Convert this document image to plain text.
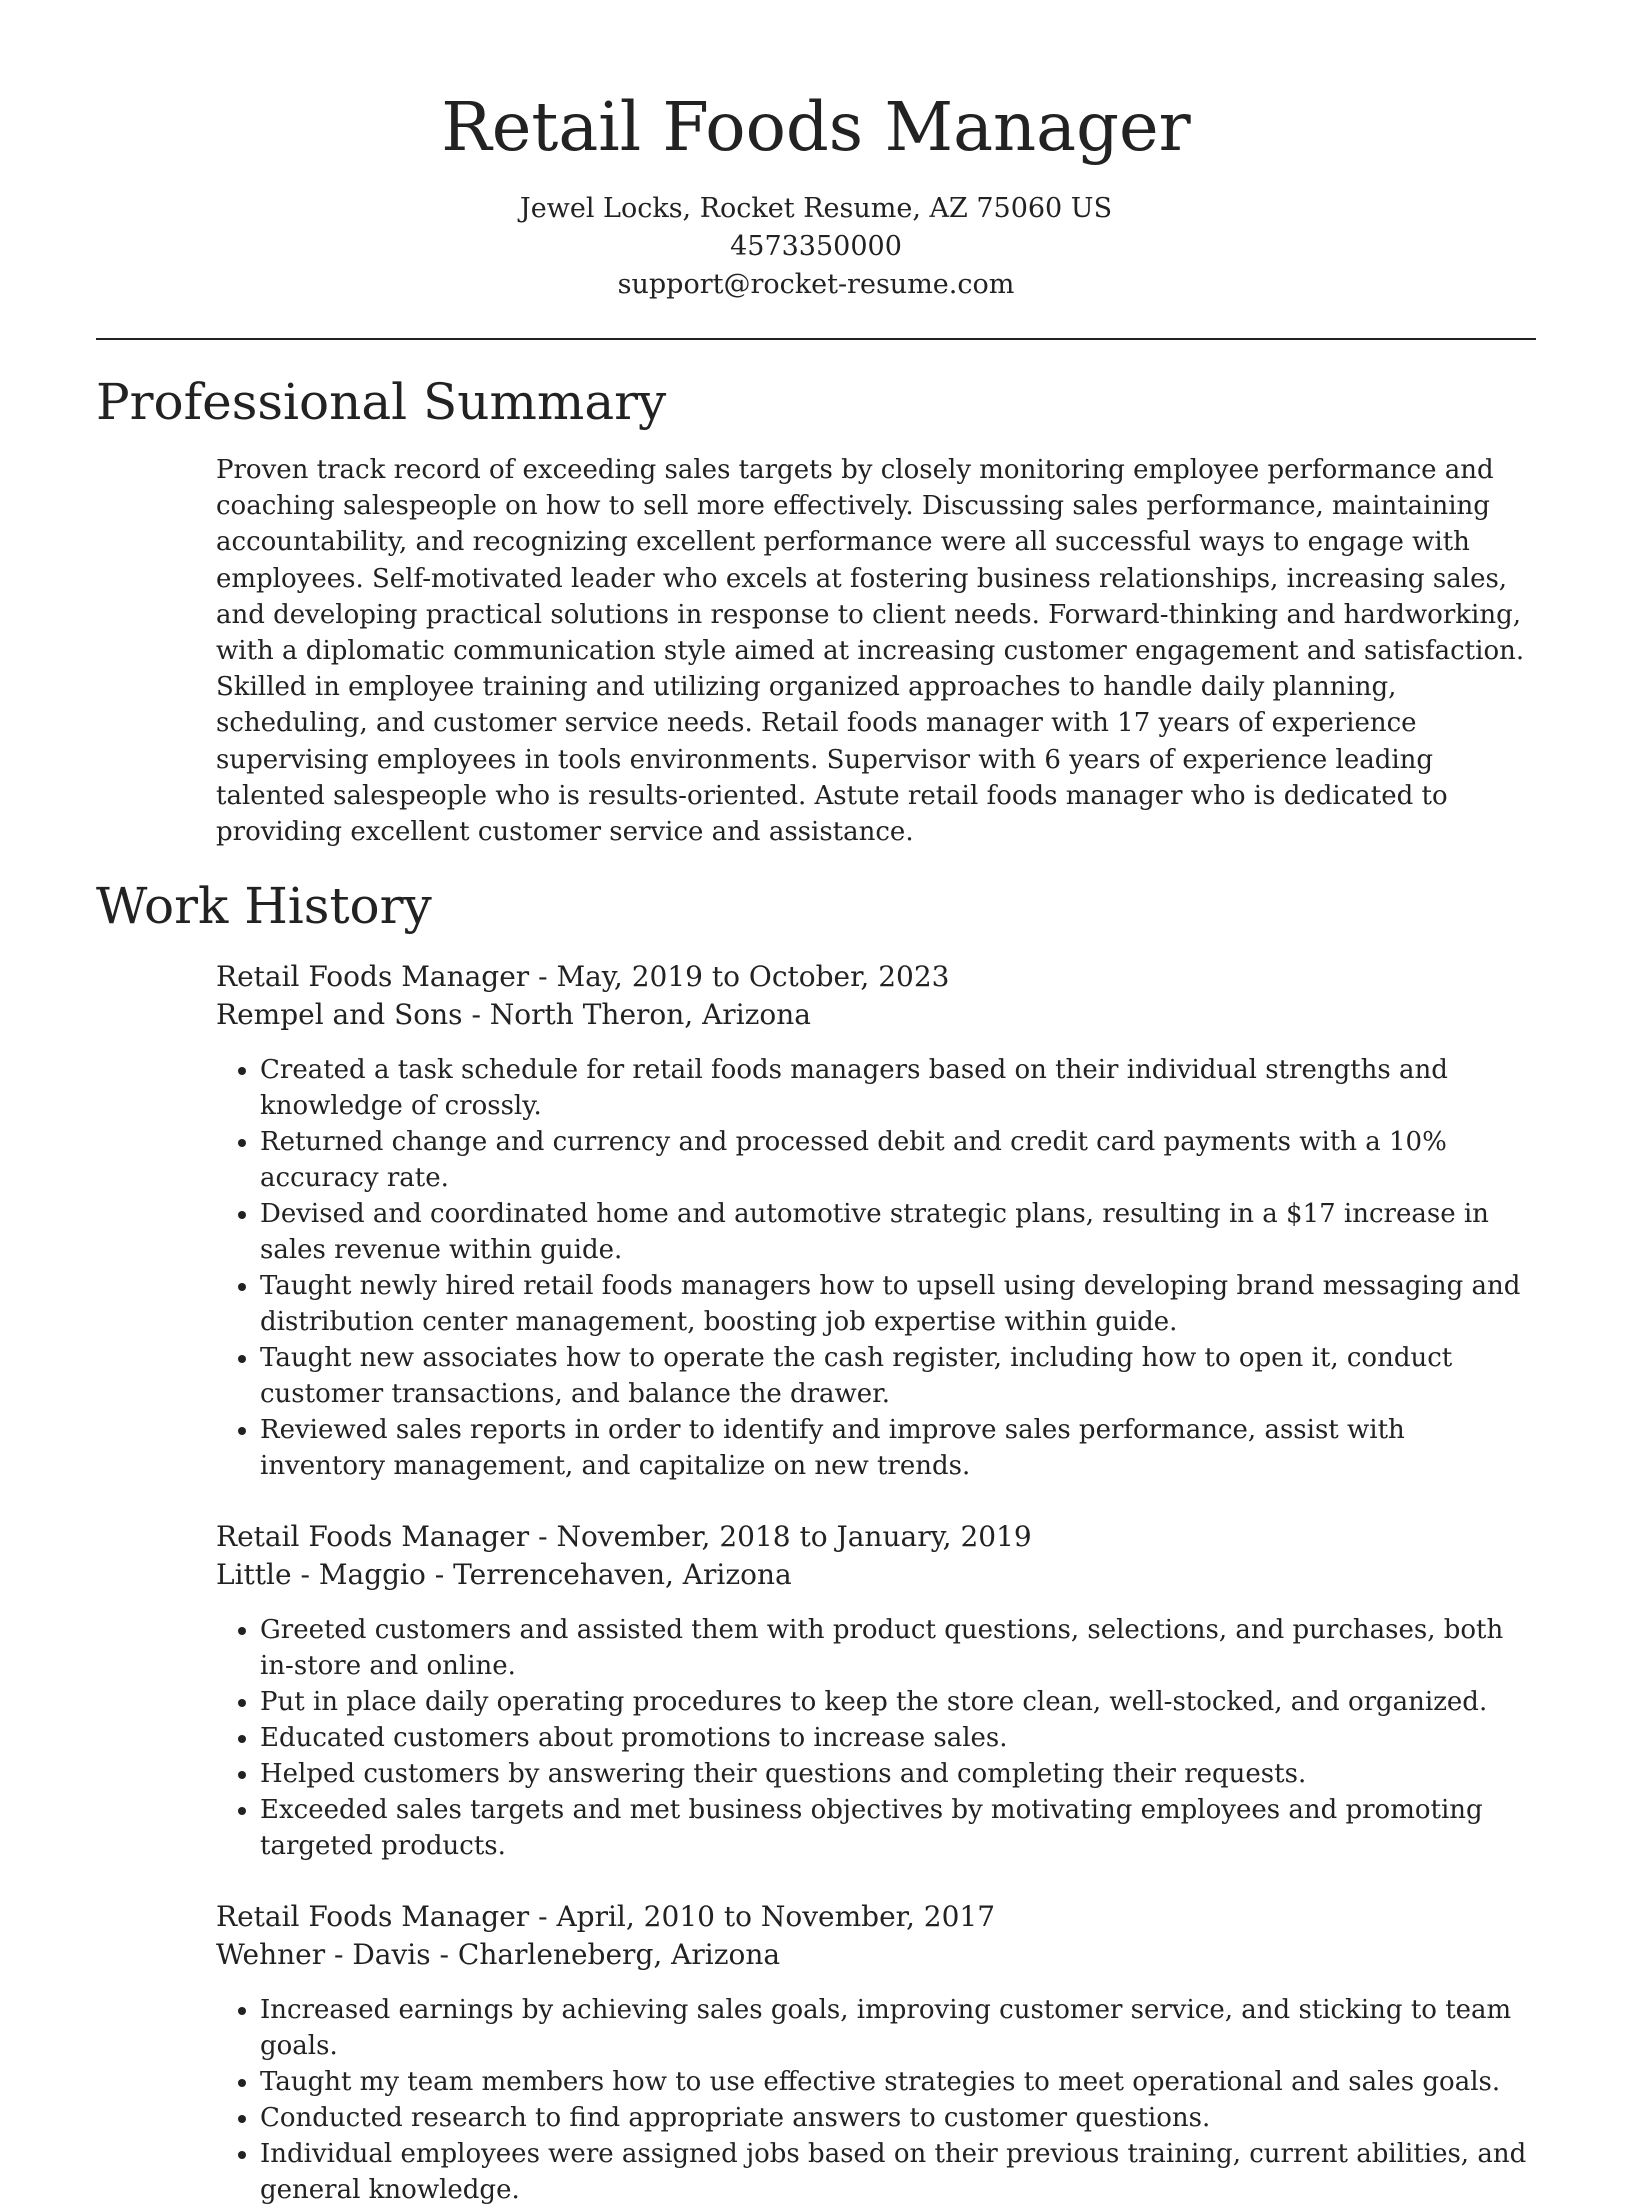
Retail Foods Manager
Jewel Locks, Rocket Resume, AZ 75060 US
4573350000
support@rocket-resume.com
Professional Summary

Proven track record of exceeding sales targets by closely monitoring employee performance and coaching salespeople on how to sell more effectively. Discussing sales performance, maintaining accountability, and recognizing excellent performance were all successful ways to engage with employees. Self-motivated leader who excels at fostering business relationships, increasing sales, and developing practical solutions in response to client needs. Forward-thinking and hardworking, with a diplomatic communication style aimed at increasing customer engagement and satisfaction. Skilled in employee training and utilizing organized approaches to handle daily planning, scheduling, and customer service needs. Retail foods manager with 17 years of experience supervising employees in tools environments. Supervisor with 6 years of experience leading talented salespeople who is results-oriented. Astute retail foods manager who is dedicated to providing excellent customer service and assistance.

Work History
Retail Foods Manager - May, 2019 to October, 2023
Rempel and Sons - North Theron, Arizona
• Created a task schedule for retail foods managers based on their individual strengths and knowledge of crossly.
• Returned change and currency and processed debit and credit card payments with a 10% accuracy rate.
• Devised and coordinated home and automotive strategic plans, resulting in a $17 increase in sales revenue within guide.
• Taught newly hired retail foods managers how to upsell using developing brand messaging and distribution center management, boosting job expertise within guide.
• Taught new associates how to operate the cash register, including how to open it, conduct customer transactions, and balance the drawer.
• Reviewed sales reports in order to identify and improve sales performance, assist with inventory management, and capitalize on new trends.
Retail Foods Manager - November, 2018 to January, 2019
Little - Maggio - Terrencehaven, Arizona
• Greeted customers and assisted them with product questions, selections, and purchases, both in-store and online.
• Put in place daily operating procedures to keep the store clean, well-stocked, and organized.
• Educated customers about promotions to increase sales.
• Helped customers by answering their questions and completing their requests.
• Exceeded sales targets and met business objectives by motivating employees and promoting targeted products.
Retail Foods Manager - April, 2010 to November, 2017
Wehner - Davis - Charleneberg, Arizona
• Increased earnings by achieving sales goals, improving customer service, and sticking to team goals.
• Taught my team members how to use effective strategies to meet operational and sales goals.
• Conducted research to find appropriate answers to customer questions.
• Individual employees were assigned jobs based on their previous training, current abilities, and general knowledge.
